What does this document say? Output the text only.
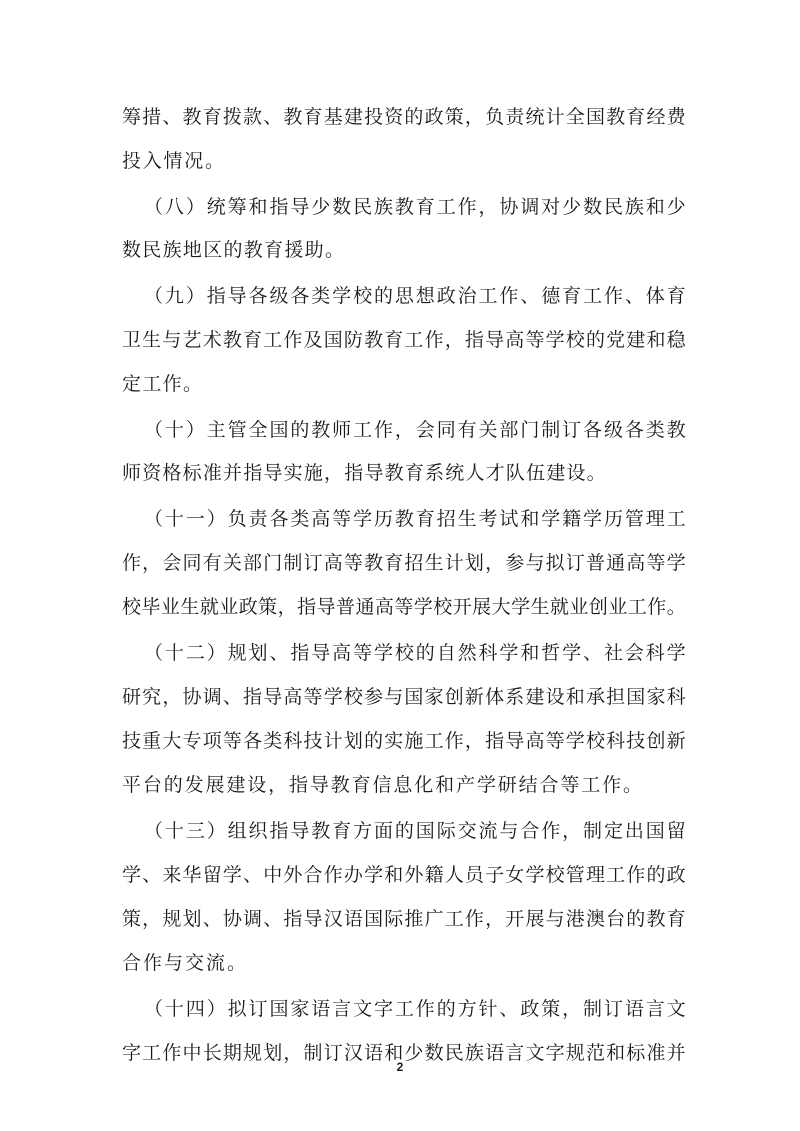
筹 措 、 教 育 拨 款 、 教 育 基 建 投 资 的 政 策 ， 负 责 统 计 全 国 教 育 经 费
投 入 情 况 。
（ 八 ） 统 筹 和 指 导 少 数 民 族 教 育 工 作 ， 协 调 对 少 数 民 族 和 少
数 民 族 地 区 的 教 育 援 助 。
（ 九 ） 指 导 各 级 各 类 学 校 的 思 想 政 治 工 作 、 德 育 工 作 、 体 育
卫 生 与 艺 术 教 育 工 作 及 国 防 教 育 工 作 ， 指 导 高 等 学 校 的 党 建 和 稳
定 工 作 。
（ 十 ） 主 管 全 国 的 教 师 工 作 ， 会 同 有 关 部 门 制 订 各 级 各 类 教
师 资 格 标 准 并 指 导 实 施 ， 指 导 教 育 系 统 人 才 队 伍 建 设 。
（ 十 一 ） 负 责 各 类 高 等 学 历 教 育 招 生 考 试 和 学 籍 学 历 管 理 工
作 ， 会 同 有 关 部 门 制 订 高 等 教 育 招 生 计 划 ， 参 与 拟 订 普 通 高 等 学
校 毕 业 生 就 业 政 策 ， 指 导 普 通 高 等 学 校 开 展 大 学 生 就 业 创 业 工 作 。
（ 十 二 ） 规 划 、 指 导 高 等 学 校 的 自 然 科 学 和 哲 学 、 社 会 科 学
研 究 ， 协 调 、 指 导 高 等 学 校 参 与 国 家 创 新 体 系 建 设 和 承 担 国 家 科
技 重 大 专 项 等 各 类 科 技 计 划 的 实 施 工 作 ， 指 导 高 等 学 校 科 技 创 新
平 台 的 发 展 建 设 ， 指 导 教 育 信 息 化 和 产 学 研 结 合 等 工 作 。
（ 十 三 ） 组 织 指 导 教 育 方 面 的 国 际 交 流 与 合 作 ， 制 定 出 国 留
学 、 来 华 留 学 、 中 外 合 作 办 学 和 外 籍 人 员 子 女 学 校 管 理 工 作 的 政
策 ， 规 划 、 协 调 、 指 导 汉 语 国 际 推 广 工 作 ， 开 展 与 港 澳 台 的 教 育
合 作 与 交 流 。
（ 十 四 ） 拟 订 国 家 语 言 文 字 工 作 的 方 针 、 政 策 ， 制 订 语 言 文
字 工 作 中 长 期 规 划 ， 制 订 汉 语 和 少 数 民 族 语 言 文 字 规 范 和 标 准 并
2
